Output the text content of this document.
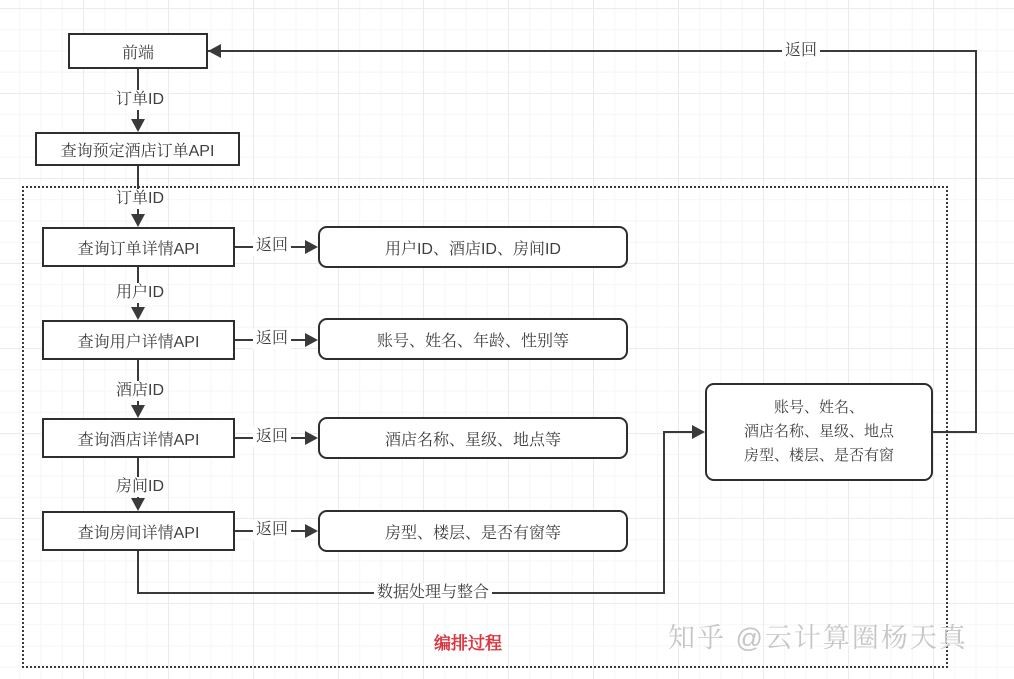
前端
订单ID
查询预定酒店订单API
订单ID
查询订单详情API	返回	用户ID、酒店ID、房间ID
用户ID
查询用户详情API	返回	账号、姓名、年龄、性别等
酒店ID
查询酒店详情API	返回	酒店名称、星级、地点等
房间ID
查询房间详情API	返回	房型、楼层、是否有窗等
数据处理与整合
账号、姓名、
酒店名称、星级、地点
房型、楼层、是否有窗
返回
编排过程	知乎 @云计算圈杨天真
